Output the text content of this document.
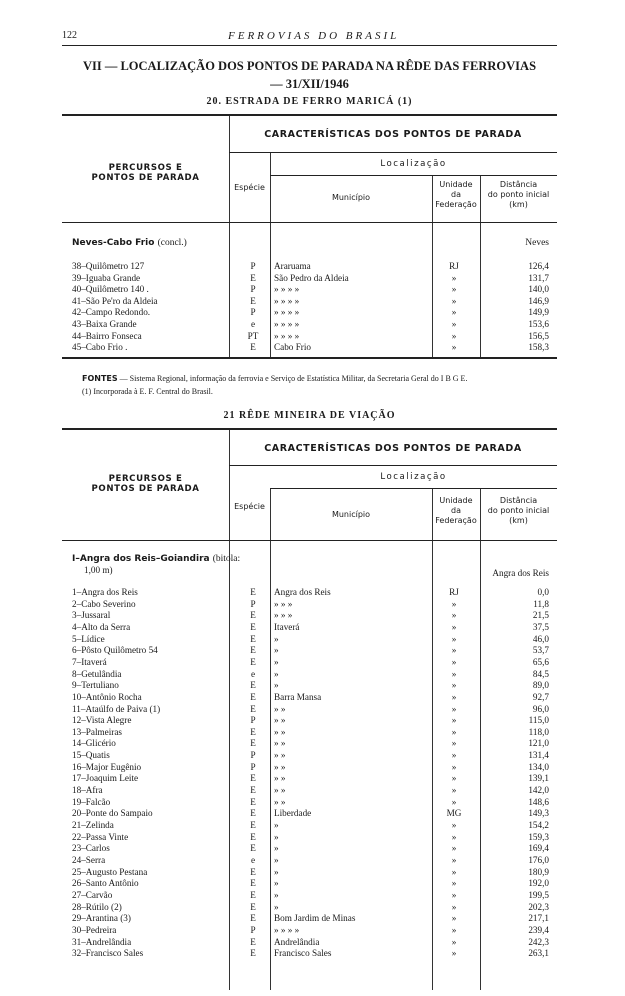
122	FERROVIAS DO BRASIL
VII — LOCALIZAÇÃO DOS PONTOS DE PARADA NA RÊDE DAS FERROVIAS
— 31/XII/1946
20. ESTRADA DE FERRO MARICÁ (1)
CARACTERÍSTICAS DOS PONTOS DE PARADA
PERCURSOS E
PONTOS DE PARADA
Localização
Espécie
Município
Unidade
da
Federação
Distância
do ponto inicial
(km)
Neves-Cabo Frio (concl.)	Neves
38–Quilômetro 127	P	Araruama	RJ	126,4
39–Iguaba Grande	E	São Pedro da Aldeia	»	131,7
40–Quilômetro 140 .	P	» » » »	»	140,0
41–São Pe'ro da Aldeia	E	» » » »	»	146,9
42–Campo Redondo.	P	» » » »	»	149,9
43–Baixa Grande	e	» » » »	»	153,6
44–Bairro Fonseca	PT	» » » »	»	156,5
45–Cabo Frio .	E	Cabo Frio	»	158,3
FONTES — Sistema Regional, informação da ferrovia e Serviço de Estatística Militar, da Secretaria Geral do I B G E.
(1) Incorporada à E. F. Central do Brasil.
21 RÊDE MINEIRA DE VIAÇÃO
CARACTERÍSTICAS DOS PONTOS DE PARADA
PERCURSOS E
PONTOS DE PARADA
Localização
Espécie
Município
Unidade
da
Federação
Distância
do ponto inicial
(km)
I–Angra dos Reis–Goiandira (bitola:
1,00 m)	Angra dos Reis
1–Angra dos Reis	E	Angra dos Reis	RJ	0,0
2–Cabo Severino	P	» » »	»	11,8
3–Jussaral	E	» » »	»	21,5
4–Alto da Serra	E	Itaverá	»	37,5
5–Lídice	E	»	»	46,0
6–Pôsto Quilômetro 54	E	»	»	53,7
7–Itaverá	E	»	»	65,6
8–Getulândia	e	»	»	84,5
9–Tertuliano	E	»	»	89,0
10–Antônio Rocha	E	Barra Mansa	»	92,7
11–Ataúlfo de Paiva (1)	E	» »	»	96,0
12–Vista Alegre	P	» »	»	115,0
13–Palmeiras	E	» »	»	118,0
14–Glicério	E	» »	»	121,0
15–Quatis	P	» »	»	131,4
16–Major Eugênio	P	» »	»	134,0
17–Joaquim Leite	E	» »	»	139,1
18–Afra	E	» »	»	142,0
19–Falcão	E	» »	»	148,6
20–Ponte do Sampaio	E	Liberdade	MG	149,3
21–Zelinda	E	»	»	154,2
22–Passa Vinte	E	»	»	159,3
23–Carlos	E	»	»	169,4
24–Serra	e	»	»	176,0
25–Augusto Pestana	E	»	»	180,9
26–Santo Antônio	E	»	»	192,0
27–Carvão	E	»	»	199,5
28–Rútilo (2)	E	»	»	202,3
29–Arantina (3)	E	Bom Jardim de Minas	»	217,1
30–Pedreira	P	» » » »	»	239,4
31–Andrelândia	E	Andrelândia	»	242,3
32–Francisco Sales	E	Francisco Sales	»	263,1
